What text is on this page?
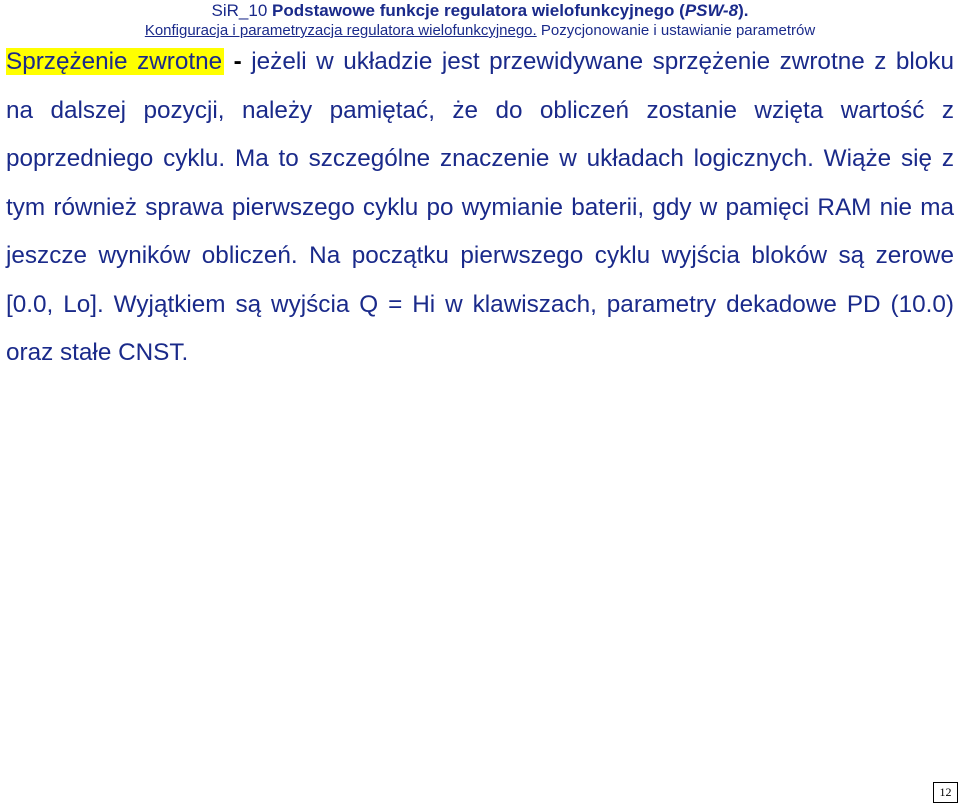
SiR_10 Podstawowe funkcje regulatora wielofunkcyjnego (PSW-8).
Konfiguracja i parametryzacja regulatora wielofunkcyjnego. Pozycjonowanie i ustawianie parametrów
Sprzężenie zwrotne - jeżeli w układzie jest przewidywane sprzężenie zwrotne z bloku na dalszej pozycji, należy pamiętać, że do obliczeń zostanie wzięta wartość z poprzedniego cyklu. Ma to szczególne znaczenie w układach logicznych. Wiąże się z tym również sprawa pierwszego cyklu po wymianie baterii, gdy w pamięci RAM nie ma jeszcze wyników obliczeń. Na początku pierwszego cyklu wyjścia bloków są zerowe [0.0, Lo]. Wyjątkiem są wyjścia Q = Hi w klawiszach, parametry dekadowe PD (10.0) oraz stałe CNST.
12
